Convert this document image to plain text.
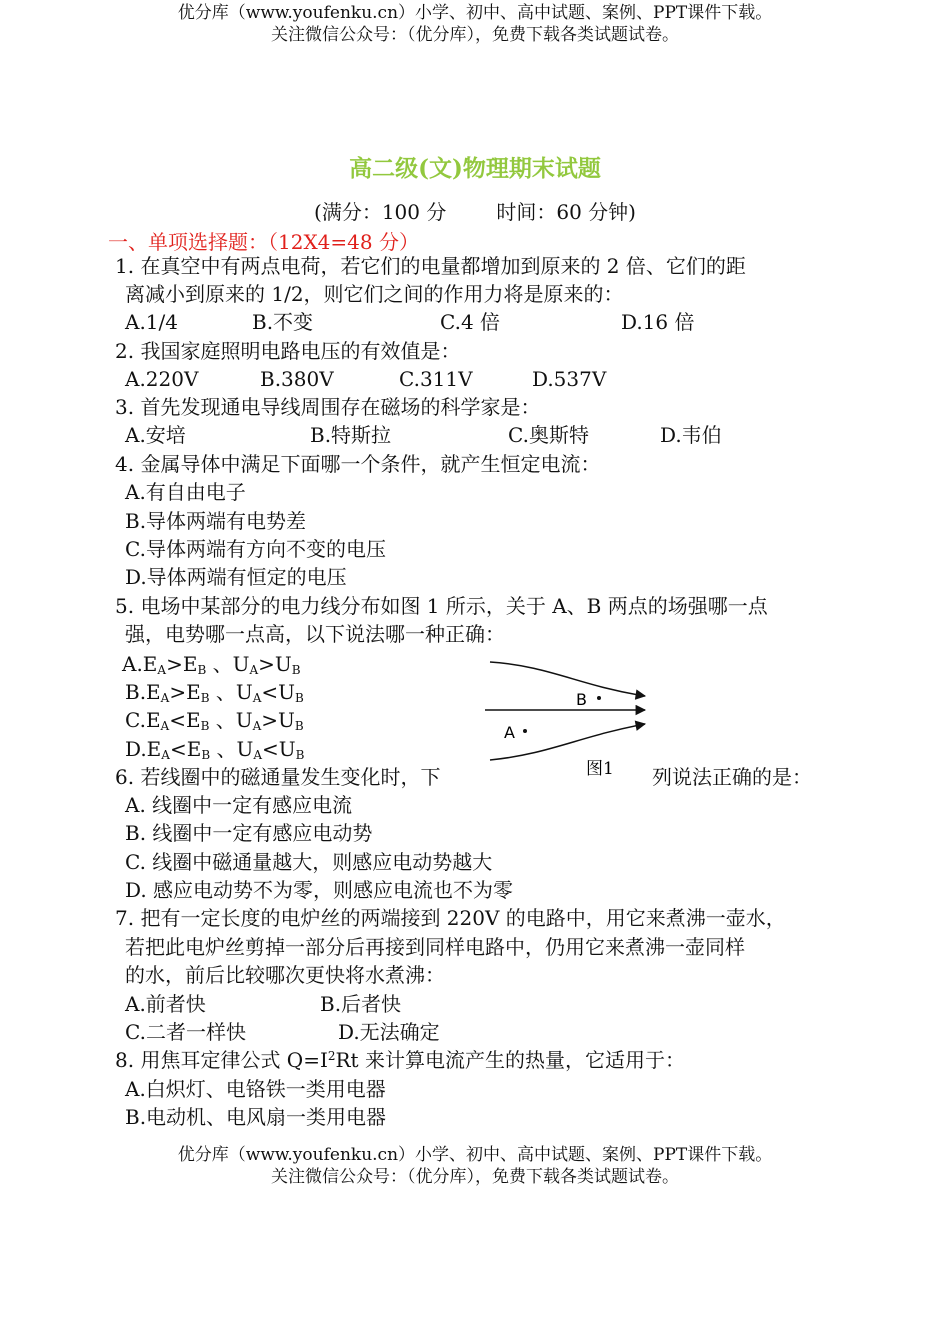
优分库（www.youfenku.cn）小学、初中、高中试题、案例、PPT课件下载。
关注微信公众号：（优分库），免费下载各类试题试卷。
高二级(文)物理期末试题
(满分：100 分	时间：60 分钟)
一、单项选择题：（12X4=48 分）
1. 在真空中有两点电荷，若它们的电量都增加到原来的 2 倍、它们的距
离减小到原来的 1/2，则它们之间的作用力将是原来的：
A.1/4	B.不变	C.4 倍	D.16 倍
2. 我国家庭照明电路电压的有效值是：
A.220V	B.380V	C.311V	D.537V
3. 首先发现通电导线周围存在磁场的科学家是：
A.安培	B.特斯拉	C.奥斯特	D.韦伯
4. 金属导体中满足下面哪一个条件，就产生恒定电流：
A.有自由电子
B.导体两端有电势差
C.导体两端有方向不变的电压
D.导体两端有恒定的电压
5. 电场中某部分的电力线分布如图 1 所示，关于 A、B 两点的场强哪一点
强，电势哪一点高，以下说法哪一种正确：
$A.E_A>E_B$ 、$U_A>U_B$
$B.E_A>E_B$ 、$U_A<U_B$
$C.E_A<E_B$ 、$U_A>U_B$
$D.E_A<E_B$ 、$U_A<U_B$
B
A
图1
6. 若线圈中的磁通量发生变化时，下	列说法正确的是：
A. 线圈中一定有感应电流
B. 线圈中一定有感应电动势
C. 线圈中磁通量越大，则感应电动势越大
D. 感应电动势不为零，则感应电流也不为零
7. 把有一定长度的电炉丝的两端接到 220V 的电路中，用它来煮沸一壶水，
若把此电炉丝剪掉一部分后再接到同样电路中，仍用它来煮沸一壶同样
的水，前后比较哪次更快将水煮沸：
A.前者快	B.后者快
C.二者一样快	D.无法确定
8. 用焦耳定律公式 $Q=I^2Rt$ 来计算电流产生的热量，它适用于：
A.白炽灯、电铬铁一类用电器
B.电动机、电风扇一类用电器
优分库（www.youfenku.cn）小学、初中、高中试题、案例、PPT课件下载。
关注微信公众号：（优分库），免费下载各类试题试卷。
